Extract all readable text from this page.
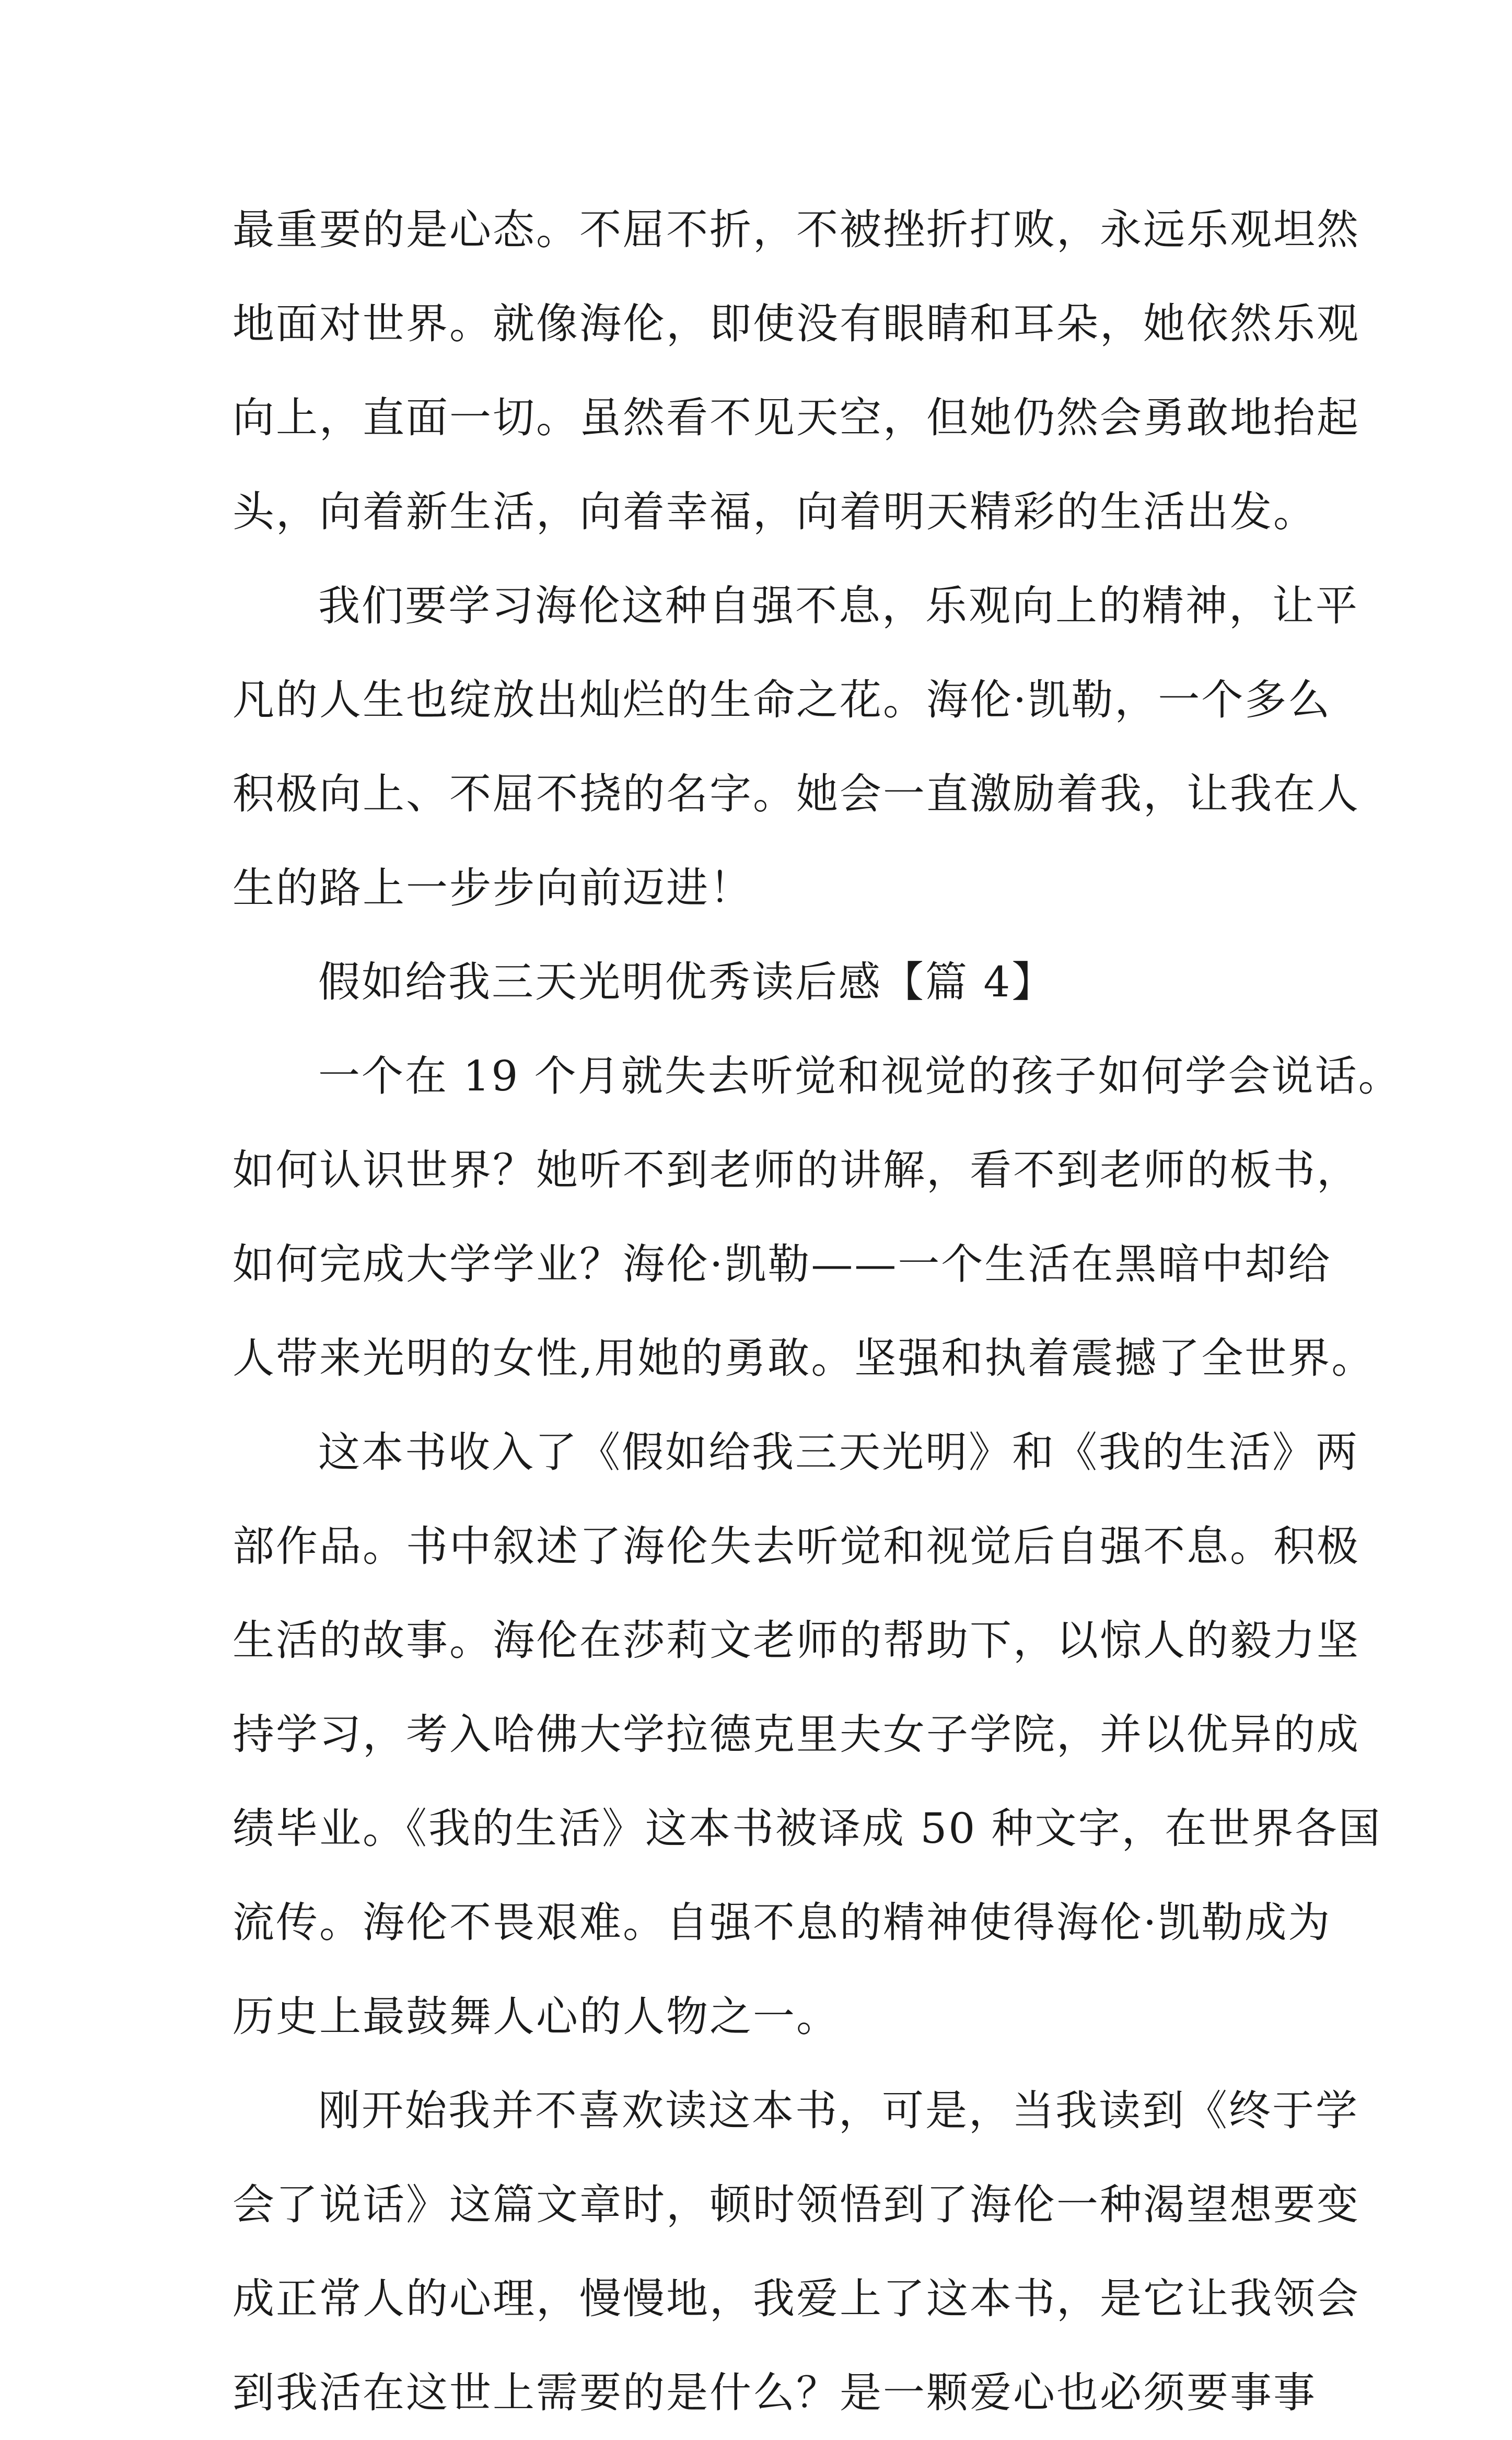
最重要的是心态。不屈不折，不被挫折打败，永远乐观坦然
地面对世界。就像海伦，即使没有眼睛和耳朵，她依然乐观
向上，直面一切。虽然看不见天空，但她仍然会勇敢地抬起
头，向着新生活，向着幸福，向着明天精彩的生活出发。
我们要学习海伦这种自强不息，乐观向上的精神，让平
凡的人生也绽放出灿烂的生命之花。海伦·凯勒，一个多么
积极向上、不屈不挠的名字。她会一直激励着我，让我在人
生的路上一步步向前迈进！
假如给我三天光明优秀读后感【篇 4】
一个在 19 个月就失去听觉和视觉的孩子如何学会说话。
如何认识世界？她听不到老师的讲解，看不到老师的板书，
如何完成大学学业？海伦·凯勒——一个生活在黑暗中却给
人带来光明的女性,用她的勇敢。坚强和执着震撼了全世界。
这本书收入了《假如给我三天光明》和《我的生活》两
部作品。书中叙述了海伦失去听觉和视觉后自强不息。积极
生活的故事。海伦在莎莉文老师的帮助下，以惊人的毅力坚
持学习，考入哈佛大学拉德克里夫女子学院，并以优异的成
绩毕业。《我的生活》这本书被译成 50 种文字，在世界各国
流传。海伦不畏艰难。自强不息的精神使得海伦·凯勒成为
历史上最鼓舞人心的人物之一。
刚开始我并不喜欢读这本书，可是，当我读到《终于学
会了说话》这篇文章时，顿时领悟到了海伦一种渴望想要变
成正常人的心理，慢慢地，我爱上了这本书，是它让我领会
到我活在这世上需要的是什么？是一颗爱心也必须要事事
